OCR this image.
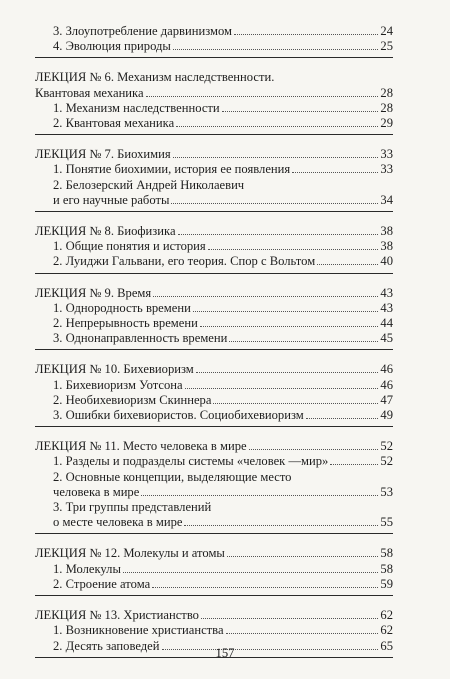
3. Злоупотребление дарвинизмом	24
4. Эволюция природы	25
ЛЕКЦИЯ № 6. Механизм наследственности.
Квантовая механика	28
1. Механизм наследственности	28
2. Квантовая механика	29
ЛЕКЦИЯ № 7. Биохимия	33
1. Понятие биохимии, история ее появления	33
2. Белозерский Андрей Николаевич
и его научные работы	34
ЛЕКЦИЯ № 8. Биофизика	38
1. Общие понятия и история	38
2. Луиджи Гальвани, его теория. Спор с Вольтом	40
ЛЕКЦИЯ № 9. Время	43
1. Однородность времени	43
2. Непрерывность времени	44
3. Однонаправленность времени	45
ЛЕКЦИЯ № 10. Бихевиоризм	46
1. Бихевиоризм Уотсона	46
2. Необихевиоризм Скиннера	47
3. Ошибки бихевиористов. Социобихевиоризм	49
ЛЕКЦИЯ № 11. Место человека в мире	52
1. Разделы и подразделы системы «человек —мир»	52
2. Основные концепции, выделяющие место
человека в мире	53
3. Три группы представлений
о месте человека в мире	55
ЛЕКЦИЯ № 12. Молекулы и атомы	58
1. Молекулы	58
2. Строение атома	59
ЛЕКЦИЯ № 13. Христианство	62
1. Возникновение христианства	62
2. Десять заповедей	65
157
